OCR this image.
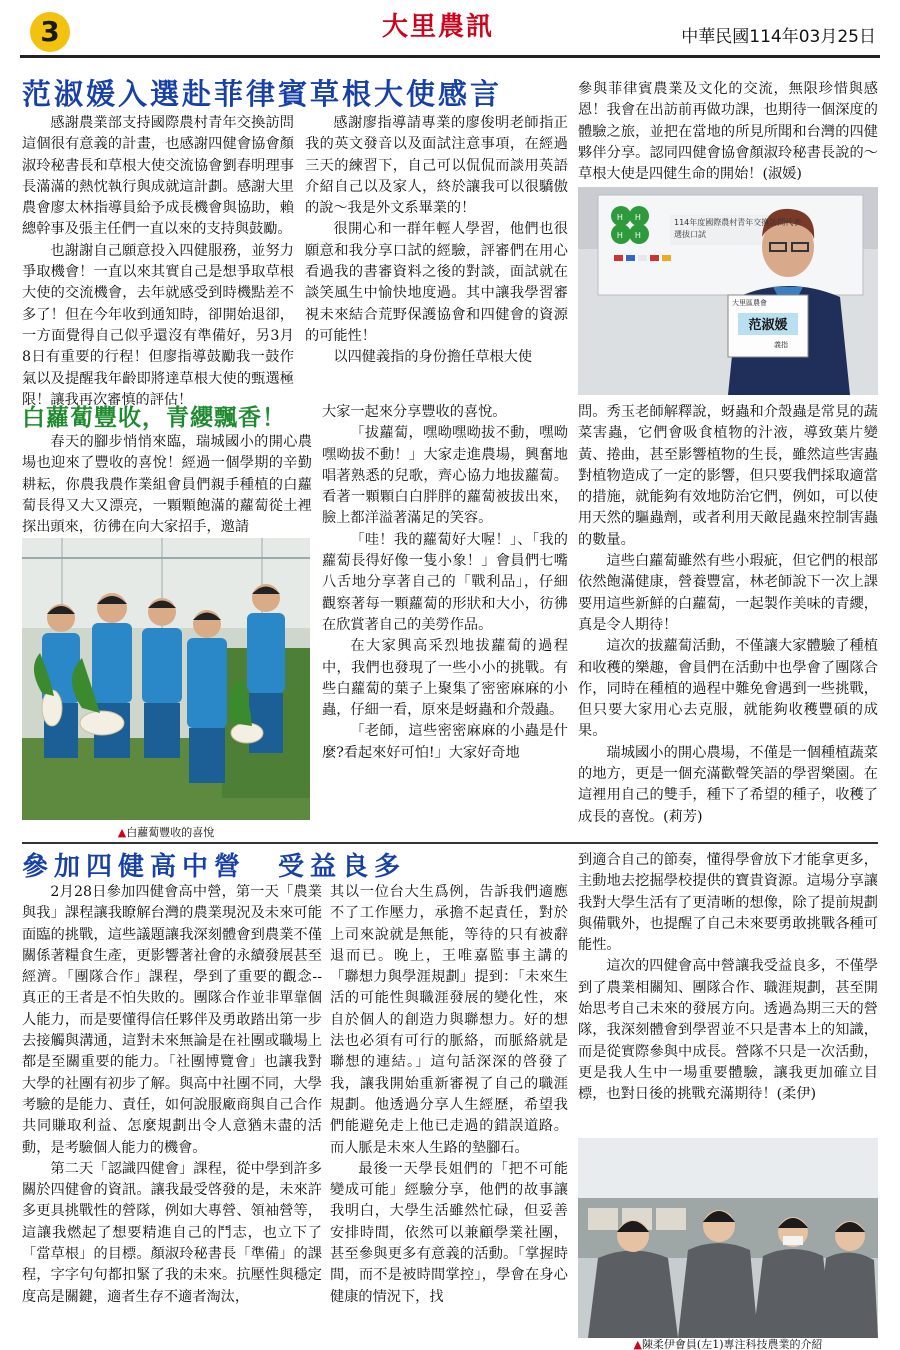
3	大里農訊	中華民國114年03月25日
范淑媛入選赴菲律賓草根大使感言

感謝農業部支持國際農村青年交換訪問這個很有意義的計畫，也感謝四健會協會顏淑玲秘書長和草根大使交流協會劉春明理事長滿滿的熱忱執行與成就這計劃。感謝大里農會廖太林指導員給予成長機會與協助，賴總幹事及張主任們一直以來的支持與鼓勵。

也謝謝自己願意投入四健服務，並努力爭取機會！一直以來其實自己是想爭取草根大使的交流機會，去年就感受到時機點差不多了！但在今年收到通知時，卻開始退卻，一方面覺得自己似乎還沒有準備好，另3月8日有重要的行程！但廖指導鼓勵我一鼓作氣以及提醒我年齡即將達草根大使的甄選極限！讓我再次審慎的評估！

感謝廖指導請專業的廖俊明老師指正我的英文發音以及面試注意事項，在經過三天的練習下，自己可以侃侃而談用英語介紹自己以及家人，終於讓我可以很驕傲的說～我是外文系畢業的！

很開心和一群年輕人學習，他們也很願意和我分享口試的經驗，評審們在用心看過我的書審資料之後的對談，面試就在談笑風生中愉快地度過。其中讓我學習審視未來結合荒野保護協會和四健會的資源的可能性！

以四健義指的身份擔任草根大使

參與菲律賓農業及文化的交流，無限珍惜與感恩！我會在出訪前再做功課，也期待一個深度的體驗之旅，並把在當地的所見所聞和台灣的四健夥伴分享。認同四健會協會顏淑玲秘書長說的～草根大使是四健生命的開始！(淑媛)

H H
H H
114年度國際農村青年交換訪問代表選拔口試
大里區農會
范淑媛
義指
白蘿蔔豐收，青纓飄香！

春天的腳步悄悄來臨，瑞城國小的開心農場也迎來了豐收的喜悅！經過一個學期的辛勤耕耘，你農我農作業組會員們親手種植的白蘿蔔長得又大又漂亮，一顆顆飽滿的蘿蔔從土裡探出頭來，彷彿在向大家招手，邀請

▲白蘿蔔豐收的喜悅

大家一起來分享豐收的喜悅。

「拔蘿蔔，嘿呦嘿呦拔不動，嘿呦嘿呦拔不動！」大家走進農場，興奮地唱著熟悉的兒歌，齊心協力地拔蘿蔔。看著一顆顆白白胖胖的蘿蔔被拔出來，臉上都洋溢著滿足的笑容。

「哇！我的蘿蔔好大喔！」、「我的蘿蔔長得好像一隻小象！」會員們七嘴八舌地分享著自己的「戰利品」，仔細觀察著每一顆蘿蔔的形狀和大小，彷彿在欣賞著自己的美勞作品。

在大家興高采烈地拔蘿蔔的過程中，我們也發現了一些小小的挑戰。有些白蘿蔔的葉子上聚集了密密麻麻的小蟲，仔細一看，原來是蚜蟲和介殼蟲。

「老師，這些密密麻麻的小蟲是什麼?看起來好可怕!」大家好奇地

問。秀玉老師解釋說，蚜蟲和介殼蟲是常見的蔬菜害蟲，它們會吸食植物的汁液，導致葉片變黃、捲曲，甚至影響植物的生長，雖然這些害蟲對植物造成了一定的影響，但只要我們採取適當的措施，就能夠有效地防治它們，例如，可以使用天然的驅蟲劑，或者利用天敵昆蟲來控制害蟲的數量。

這些白蘿蔔雖然有些小瑕疵，但它們的根部依然飽滿健康，營養豐富，林老師說下一次上課要用這些新鮮的白蘿蔔，一起製作美味的青纓，真是令人期待！

這次的拔蘿蔔活動，不僅讓大家體驗了種植和收穫的樂趣，會員們在活動中也學會了團隊合作，同時在種植的過程中難免會遇到一些挑戰，但只要大家用心去克服，就能夠收穫豐碩的成果。

瑞城國小的開心農場，不僅是一個種植蔬菜的地方，更是一個充滿歡聲笑語的學習樂園。在這裡用自己的雙手，種下了希望的種子，收穫了成長的喜悅。(莉芳)

參加四健高中營　受益良多

2月28日參加四健會高中營，第一天「農業與我」課程讓我瞭解台灣的農業現況及未來可能面臨的挑戰，這些議題讓我深刻體會到農業不僅關係著糧食生產，更影響著社會的永續發展甚至經濟。「團隊合作」課程，學到了重要的觀念--真正的王者是不怕失敗的。團隊合作並非單靠個人能力，而是要懂得信任夥伴及勇敢踏出第一步去接觸與溝通，這對未來無論是在社團或職場上都是至關重要的能力。「社團博覽會」也讓我對大學的社團有初步了解。與高中社團不同，大學考驗的是能力、責任，如何說服廠商與自己合作共同賺取利益、怎麼規劃出令人意猶未盡的活動，是考驗個人能力的機會。

第二天「認識四健會」課程，從中學到許多關於四健會的資訊。讓我最受啓發的是，未來許多更具挑戰性的營隊，例如大專營、領袖營等，這讓我燃起了想要精進自己的鬥志，也立下了「當草根」的目標。顏淑玲秘書長「準備」的課程，字字句句都扣緊了我的未來。抗壓性與穩定度高是關鍵，適者生存不適者淘汰，

其以一位台大生爲例，告訴我們適應不了工作壓力，承擔不起責任，對於上司來說就是無能，等待的只有被辭退而已。晚上，王唯嘉監事主講的「聯想力與學涯規劃」提到：「未來生活的可能性與職涯發展的變化性，來自於個人的創造力與聯想力。好的想法也必須有可行的脈絡，而脈絡就是聯想的連結。」這句話深深的啓發了我，讓我開始重新審視了自己的職涯規劃。他透過分享人生經歷，希望我們能避免走上他已走過的錯誤道路。而人脈是未來人生路的墊腳石。

最後一天學長姐們的「把不可能變成可能」經驗分享，他們的故事讓我明白，大學生活雖然忙碌，但妥善安排時間，依然可以兼顧學業社團，甚至參與更多有意義的活動。「掌握時間，而不是被時間掌控」，學會在身心健康的情況下，找

到適合自己的節奏，懂得學會放下才能拿更多，主動地去挖掘學校提供的寶貴資源。這場分享讓我對大學生活有了更清晰的想像，除了提前規劃與備戰外，也提醒了自己未來要勇敢挑戰各種可能性。

這次的四健會高中營讓我受益良多，不僅學到了農業相關知、團隊合作、職涯規劃，甚至開始思考自己未來的發展方向。透過為期三天的營隊，我深刻體會到學習並不只是書本上的知識，而是從實際參與中成長。營隊不只是一次活動，更是我人生中一場重要體驗，讓我更加確立目標，也對日後的挑戰充滿期待！(柔伊)

▲陳柔伊會員(左1)專注科技農業的介紹
